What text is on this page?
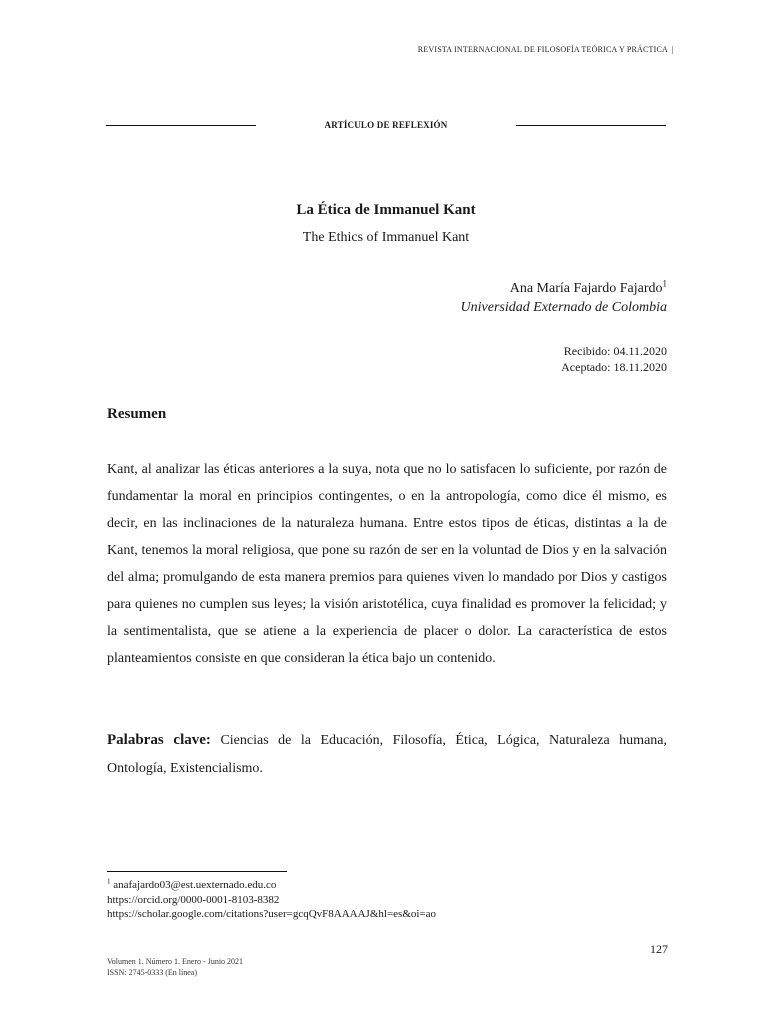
REVISTA INTERNACIONAL DE FILOSOFÍA TEÓRICA Y PRÁCTICA |
ARTÍCULO DE REFLEXIÓN
La Ética de Immanuel Kant
The Ethics of Immanuel Kant
Ana María Fajardo Fajardo$^1$
Universidad Externado de Colombia
Recibido: 04.11.2020
Aceptado: 18.11.2020
Resumen
Kant, al analizar las éticas anteriores a la suya, nota que no lo satisfacen lo suficiente, por razón de fundamentar la moral en principios contingentes, o en la antropología, como dice él mismo, es decir, en las inclinaciones de la naturaleza humana. Entre estos tipos de éticas, distintas a la de Kant, tenemos la moral religiosa, que pone su razón de ser en la voluntad de Dios y en la salvación del alma; promulgando de esta manera premios para quienes viven lo mandado por Dios y castigos para quienes no cumplen sus leyes; la visión aristotélica, cuya finalidad es promover la felicidad; y la sentimentalista, que se atiene a la experiencia de placer o dolor. La característica de estos planteamientos consiste en que consideran la ética bajo un contenido.
Palabras clave: Ciencias de la Educación, Filosofía, Ética, Lógica, Naturaleza humana, Ontología, Existencialismo.
$^1$ anafajardo03@est.uexternado.edu.co
https://orcid.org/0000-0001-8103-8382
https://scholar.google.com/citations?user=gcqQvF8AAAAJ&hl=es&oi=ao
127
Volumen 1. Número 1. Enero - Junio 2021
ISSN: 2745-0333 (En línea)
